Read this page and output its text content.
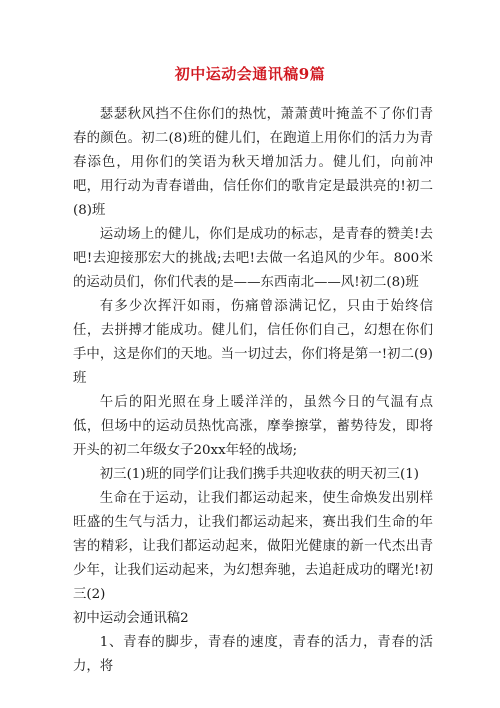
初中运动会通讯稿9篇

瑟瑟秋风挡不住你们的热忱，萧萧黄叶掩盖不了你们青春的颜色。初二(8)班的健儿们，在跑道上用你们的活力为青春添色，用你们的笑语为秋天增加活力。健儿们，向前冲吧，用行动为青春谱曲，信任你们的歌肯定是最洪亮的!初二(8)班

运动场上的健儿，你们是成功的标志，是青春的赞美!去吧!去迎接那宏大的挑战;去吧!去做一名追风的少年。800米的运动员们，你们代表的是——东西南北——风!初二(8)班

有多少次挥汗如雨，伤痛曾添满记忆，只由于始终信任，去拼搏才能成功。健儿们，信任你们自己，幻想在你们手中，这是你们的天地。当一切过去，你们将是第一!初二(9)班

午后的阳光照在身上暖洋洋的，虽然今日的气温有点低，但场中的运动员热忱高涨，摩拳擦掌，蓄势待发，即将开头的初二年级女子20xx年轻的战场;

初三(1)班的同学们让我们携手共迎收获的明天初三(1)

生命在于运动，让我们都运动起来，使生命焕发出别样旺盛的生气与活力，让我们都运动起来，赛出我们生命的年害的精彩，让我们都运动起来，做阳光健康的新一代杰出青少年，让我们运动起来，为幻想奔驰，去追赶成功的曙光!初三(2)

初中运动会通讯稿2

1、青春的脚步，青春的速度，青春的活力，青春的活力，将
